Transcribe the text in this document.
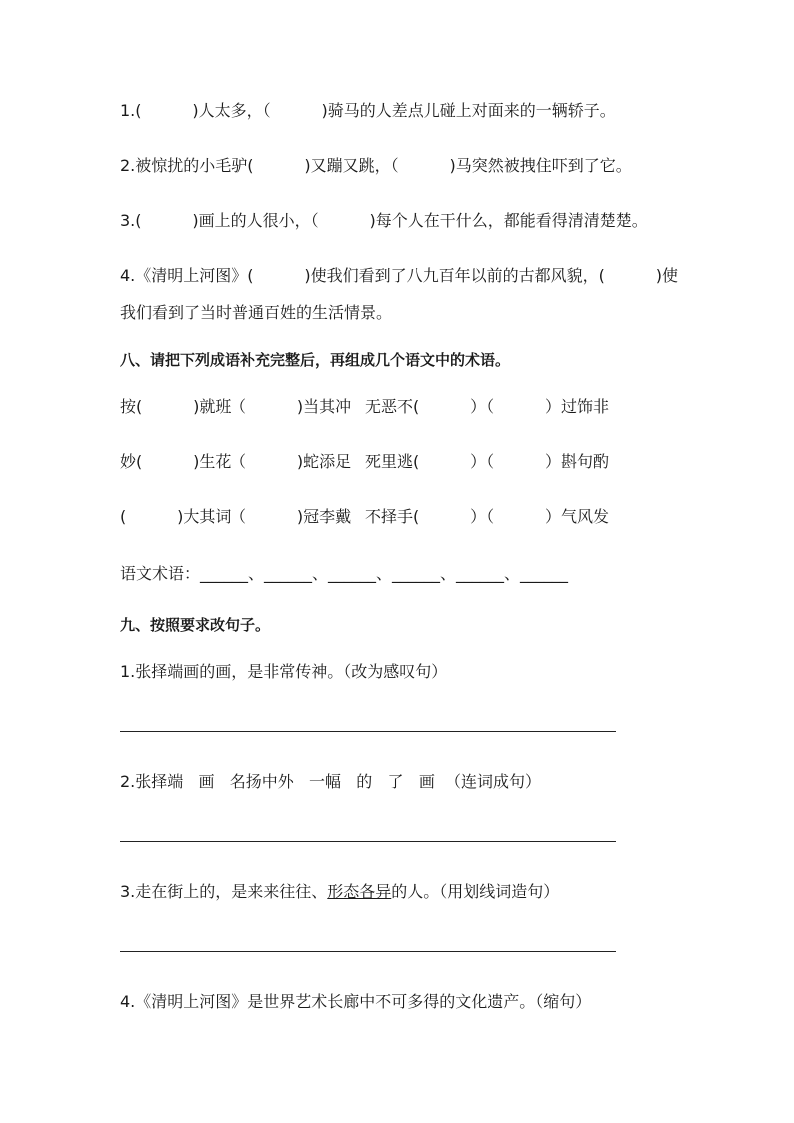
1.(          )人太多，（          )骑马的人差点儿碰上对面来的一辆轿子。
2.被惊扰的小毛驴(          )又蹦又跳，（          )马突然被拽住吓到了它。
3.(          )画上的人很小，（          )每个人在干什么，都能看得清清楚楚。
4.《清明上河图》(          )使我们看到了八九百年以前的古都风貌，(          )使
我们看到了当时普通百姓的生活情景。
八、请把下列成语补充完整后，再组成几个语文中的术语。

按(          )就班

（          )当其冲

无恶不(          ）（          ）过饰非

妙(          )生花

（          )蛇添足

死里逃(          ）（          ）斟句酌

(          )大其词

（          )冠李戴

不择手(          ）（          ）气风发

语文术语：______、______、______、______、______、______
九、按照要求改句子。
1.张择端画的画，是非常传神。（改为感叹句）
2.张择端   画   名扬中外   一幅   的   了   画  （连词成句）
3.走在街上的，是来来往往、形态各异的人。（用划线词造句）
4.《清明上河图》是世界艺术长廊中不可多得的文化遗产。（缩句）
